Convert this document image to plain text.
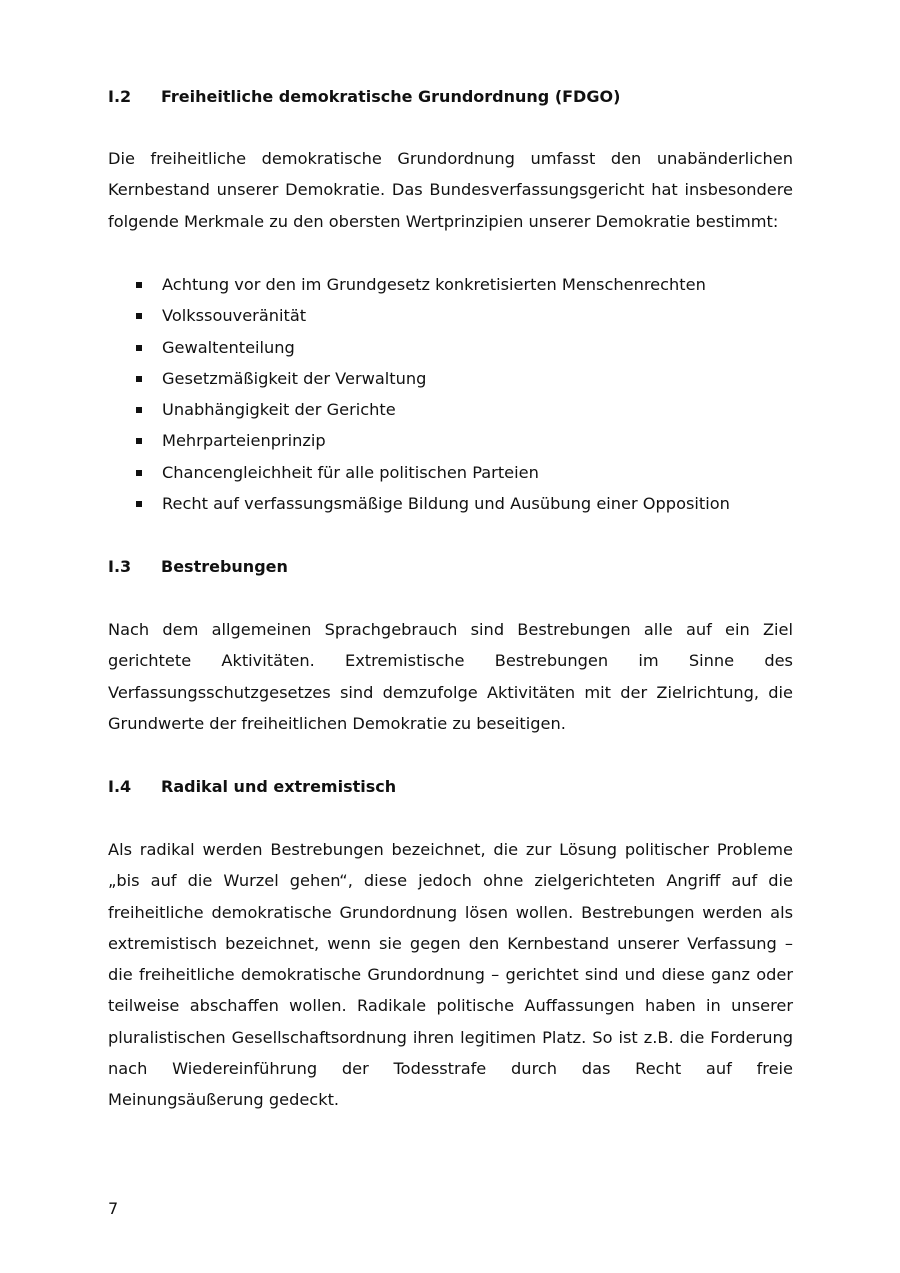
I.2 Freiheitliche demokratische Grundordnung (FDGO)
Die freiheitliche demokratische Grundordnung umfasst den unabänderlichen Kernbestand unserer Demokratie. Das Bundesverfassungsgericht hat insbesondere folgende Merkmale zu den obersten Wertprinzipien unserer Demokratie bestimmt:
Achtung vor den im Grundgesetz konkretisierten Menschenrechten
Volkssouveränität
Gewaltenteilung
Gesetzmäßigkeit der Verwaltung
Unabhängigkeit der Gerichte
Mehrparteienprinzip
Chancengleichheit für alle politischen Parteien
Recht auf verfassungsmäßige Bildung und Ausübung einer Opposition
I.3 Bestrebungen
Nach dem allgemeinen Sprachgebrauch sind Bestrebungen alle auf ein Ziel gerichtete Aktivitäten. Extremistische Bestrebungen im Sinne des Verfassungsschutzgesetzes sind demzufolge Aktivitäten mit der Zielrichtung, die Grundwerte der freiheitlichen Demokratie zu beseitigen.
I.4 Radikal und extremistisch
Als radikal werden Bestrebungen bezeichnet, die zur Lösung politischer Probleme „bis auf die Wurzel gehen“, diese jedoch ohne zielgerichteten Angriff auf die freiheitliche demokratische Grundordnung lösen wollen. Bestrebungen werden als extremistisch bezeichnet, wenn sie gegen den Kernbestand unserer Verfassung – die freiheitliche demokratische Grundordnung – gerichtet sind und diese ganz oder teilweise abschaffen wollen. Radikale politische Auffassungen haben in unserer pluralistischen Gesellschaftsordnung ihren legitimen Platz. So ist z.B. die Forderung nach Wiedereinführung der Todesstrafe durch das Recht auf freie Meinungsäußerung gedeckt.
7
